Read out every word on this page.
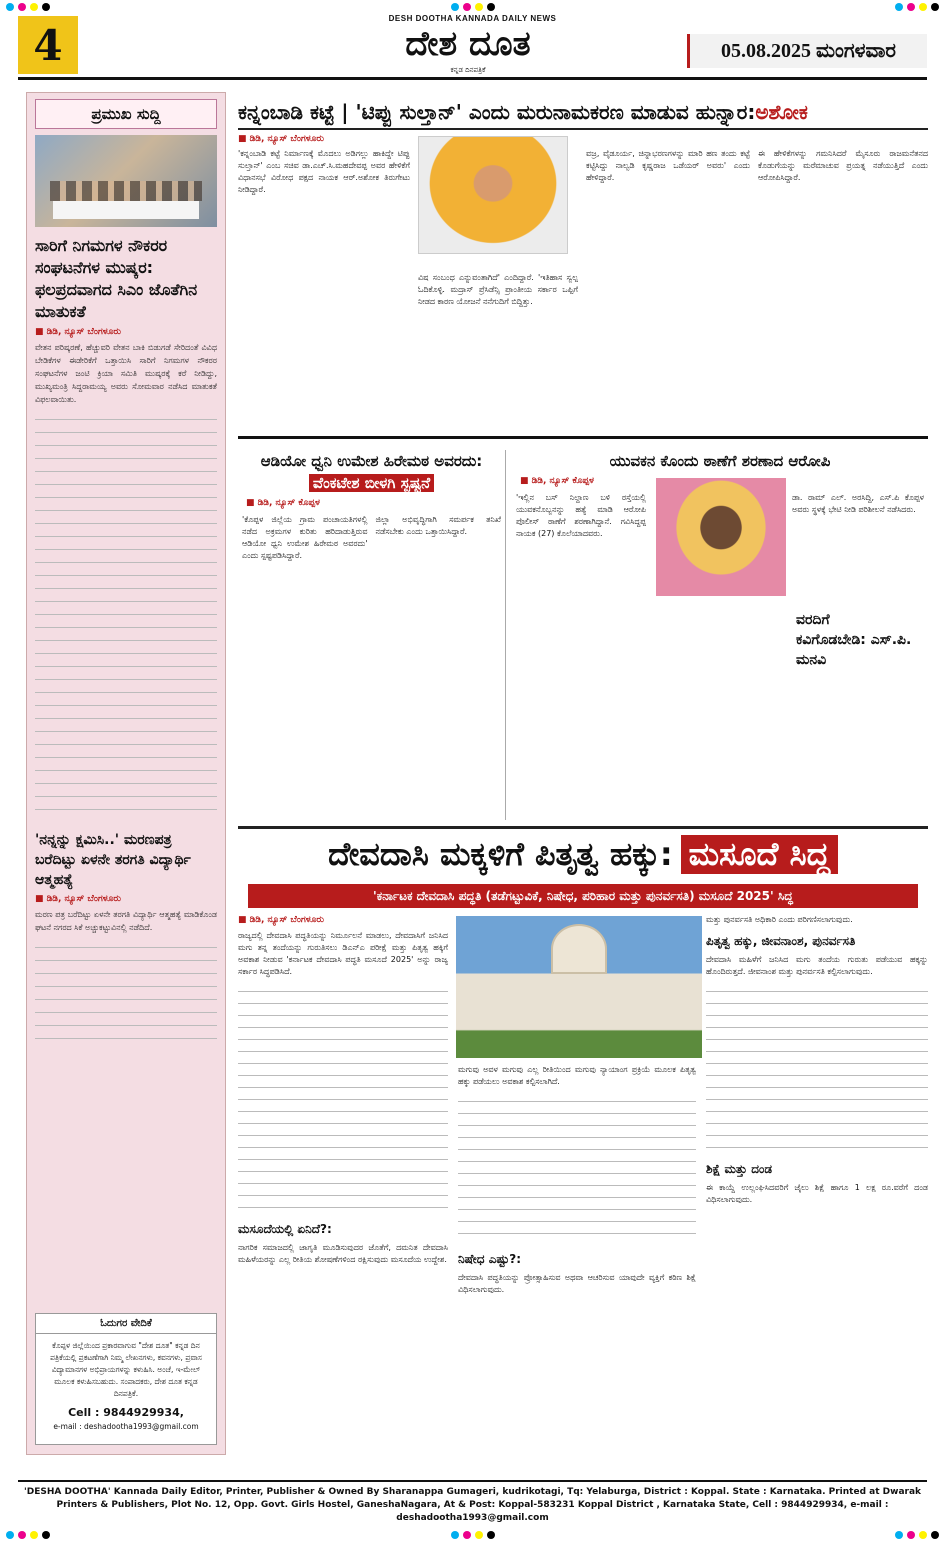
4
DESH DOOTHA KANNADA DAILY NEWS
ದೇಶ ದೂತ
ಕನ್ನಡ ದಿನಪತ್ರಿಕೆ
05.08.2025 ಮಂಗಳವಾರ
ಪ್ರಮುಖ ಸುದ್ದಿ
ಸಾರಿಗೆ ನಿಗಮಗಳ ನೌಕರರ ಸಂಘಟನೆಗಳ ಮುಷ್ಕರ: ಫಲಪ್ರದವಾಗದ ಸಿಎಂ ಜೊತೆಗಿನ ಮಾತುಕತೆ
■ ಡಿಡಿ, ನ್ಯೂಸ್ ಬೆಂಗಳೂರು
ವೇತನ ಪರಿಷ್ಕರಣೆ, ಹೆಚ್ಚುವರಿ ವೇತನ ಬಾಕಿ ಬಿಡುಗಡೆ ಸೇರಿದಂತೆ ವಿವಿಧ ಬೇಡಿಕೆಗಳ ಈಡೇರಿಕೆಗೆ ಒತ್ತಾಯಿಸಿ ಸಾರಿಗೆ ನಿಗಮಗಳ ನೌಕರರ ಸಂಘಟನೆಗಳ ಜಂಟಿ ಕ್ರಿಯಾ ಸಮಿತಿ ಮುಷ್ಕರಕ್ಕೆ ಕರೆ ನೀಡಿದ್ದು, ಮುಖ್ಯಮಂತ್ರಿ ಸಿದ್ದರಾಮಯ್ಯ ಅವರು ಸೋಮವಾರ ನಡೆಸಿದ ಮಾತುಕತೆ ವಿಫಲವಾಯಿತು.
'ನನ್ನನ್ನು ಕ್ಷಮಿಸಿ..' ಮರಣಪತ್ರ ಬರೆದಿಟ್ಟು ಏಳನೇ ತರಗತಿ ವಿದ್ಯಾರ್ಥಿ ಆತ್ಮಹತ್ಯೆ
■ ಡಿಡಿ, ನ್ಯೂಸ್ ಬೆಂಗಳೂರು
ಮರಣ ಪತ್ರ ಬರೆದಿಟ್ಟು ಏಳನೇ ತರಗತಿ ವಿದ್ಯಾರ್ಥಿ ಆತ್ಮಹತ್ಯೆ ಮಾಡಿಕೊಂಡ ಘಟನೆ ನಗರದ ಸಿಕೆ ಅಚ್ಚುಕಟ್ಟುವಿನಲ್ಲಿ ನಡೆದಿದೆ.
ಓದುಗರ ವೇದಿಕೆ
ಕೊಪ್ಪಳ ಜಿಲ್ಲೆಯಿಂದ ಪ್ರಕಾರವಾಗುವ "ದೇಶ ದೂತ" ಕನ್ನಡ ದಿನ ಪತ್ರಿಕೆಯಲ್ಲಿ ಪ್ರಕಟಣೆಗಾಗಿ ನಿಮ್ಮ ಲೇಖನಗಳು, ಕವನಗಳು, ಪ್ರವಾಸ ವಿದ್ಯಾಮಾನಗಳ ಅಭಿಪ್ರಾಯಗಳನ್ನು ಕಳುಹಿಸಿ. ಅಂಚೆ, ಇ-ಮೇಲ್ ಮೂಲಕ ಕಳುಹಿಸಬಹುದು. ಸಂಪಾದಕರು, ದೇಶ ದೂತ ಕನ್ನಡ ದಿನಪತ್ರಿಕೆ.
Cell : 9844929934,
e-mail : deshadootha1993@gmail.com
ಕನ್ನಂಬಾಡಿ ಕಟ್ಟೆ | 'ಟಿಪ್ಪು ಸುಲ್ತಾನ್' ಎಂದು ಮರುನಾಮಕರಣ ಮಾಡುವ ಹುನ್ನಾರ: ಅಶೋಕ
■ ಡಿಡಿ, ನ್ಯೂಸ್ ಬೆಂಗಳೂರು
'ಕನ್ನಂಬಾಡಿ ಕಟ್ಟೆ ನಿರ್ಮಾಣಕ್ಕೆ ಮೊದಲು ಅಡಿಗಲ್ಲು ಹಾಕಿದ್ದೇ ಟಿಪ್ಪು ಸುಲ್ತಾನ್' ಎಂಬ ಸಚಿವ ಡಾ.ಎಚ್.ಸಿ.ಮಹದೇವಪ್ಪ ಅವರ ಹೇಳಿಕೆಗೆ ವಿಧಾನಸಭೆ ವಿರೋಧ ಪಕ್ಷದ ನಾಯಕ ಆರ್.ಅಶೋಕ ತಿರುಗೇಟು ನೀಡಿದ್ದಾರೆ.
ವಿಷ ಸಂಬಂಧ ಎನ್ನುವಂತಾಗಿದೆ' ಎಂದಿದ್ದಾರೆ. 'ಇತಿಹಾಸ ಸ್ವಲ್ಪ ಓದಿಕೊಳ್ಳಿ. ಮದ್ರಾಸ್ ಪ್ರೆಸಿಡೆನ್ಸಿ ಪ್ರಾಂತೀಯ ಸರ್ಕಾರ ಒಪ್ಪಿಗೆ ನೀಡದ ಕಾರಣ ಯೋಜನೆ ನನೆಗುದಿಗೆ ಬಿದ್ದಿತ್ತು.
ವಜ್ರ, ವೈಡೂರ್ಯ, ಚಿನ್ನಾಭರಣಗಳನ್ನು ಮಾರಿ ಹಣ ತಂದು ಕಟ್ಟೆ ಕಟ್ಟಿಸಿದ್ದು ನಾಲ್ವಡಿ ಕೃಷ್ಣರಾಜ ಒಡೆಯರ್ ಅವರು' ಎಂದು ಹೇಳಿದ್ದಾರೆ.
ಈ ಹೇಳಿಕೆಗಳನ್ನು ಗಮನಿಸಿದರೆ ಮೈಸೂರು ರಾಜಮನೆತನದ ಕೊಡುಗೆಯನ್ನು ಮರೆಮಾಚುವ ಪ್ರಯತ್ನ ನಡೆಯುತ್ತಿದೆ ಎಂದು ಆರೋಪಿಸಿದ್ದಾರೆ.
ಆಡಿಯೋ ಧ್ವನಿ ಉಮೇಶ ಹಿರೇಮಠ ಅವರದು: ವೆಂಕಟೇಶ ಬೀಳಗಿ ಸ್ಪಷ್ಟನೆ
■ ಡಿಡಿ, ನ್ಯೂಸ್ ಕೊಪ್ಪಳ
'ಕೊಪ್ಪಳ ಜಿಲ್ಲೆಯ ಗ್ರಾಮ ಪಂಚಾಯತಿಗಳಲ್ಲಿ ನಡೆದ ಅಕ್ರಮಗಳ ಕುರಿತು ಹರಿದಾಡುತ್ತಿರುವ ಆಡಿಯೋ ಧ್ವನಿ ಉಮೇಶ ಹಿರೇಮಠ ಅವರದು' ಎಂದು ಸ್ಪಷ್ಟಪಡಿಸಿದ್ದಾರೆ.
ಜಿಲ್ಲಾ ಅಭಿವೃದ್ಧಿಗಾಗಿ ಸಮರ್ಪಕ ತನಿಖೆ ನಡೆಸಬೇಕು ಎಂದು ಒತ್ತಾಯಿಸಿದ್ದಾರೆ.
ಯುವಕನ ಕೊಂದು ಠಾಣೆಗೆ ಶರಣಾದ ಆರೋಪಿ
■ ಡಿಡಿ, ನ್ಯೂಸ್ ಕೊಪ್ಪಳ
'ಇಲ್ಲಿನ ಬಸ್ ನಿಲ್ದಾಣ ಬಳಿ ರಸ್ತೆಯಲ್ಲಿ ಯುವಕನೊಬ್ಬನನ್ನು ಹತ್ಯೆ ಮಾಡಿ ಆರೋಪಿ ಪೊಲೀಸ್ ಠಾಣೆಗೆ ಶರಣಾಗಿದ್ದಾನೆ. ಗವಿಸಿದ್ದಪ್ಪ ನಾಯಕ (27) ಕೊಲೆಯಾದವರು.
ಡಾ. ರಾಮ್ ಎಲ್. ಅರಸಿದ್ದಿ, ಎಸ್.ಪಿ ಕೊಪ್ಪಳ ಅವರು ಸ್ಥಳಕ್ಕೆ ಭೇಟಿ ನೀಡಿ ಪರಿಶೀಲನೆ ನಡೆಸಿದರು.
ವರದಿಗೆ
ಕವಿಗೊಡಬೇಡಿ: ಎಸ್.ಪಿ. ಮನವಿ
ದೇವದಾಸಿ ಮಕ್ಕಳಿಗೆ ಪಿತೃತ್ವ ಹಕ್ಕು: ಮಸೂದೆ ಸಿದ್ಧ
'ಕರ್ನಾಟಕ ದೇವದಾಸಿ ಪದ್ಧತಿ (ತಡೆಗಟ್ಟುವಿಕೆ, ನಿಷೇಧ, ಪರಿಹಾರ ಮತ್ತು ಪುನರ್ವಸತಿ) ಮಸೂದೆ 2025' ಸಿದ್ಧ
■ ಡಿಡಿ, ನ್ಯೂಸ್ ಬೆಂಗಳೂರು
ರಾಜ್ಯದಲ್ಲಿ ದೇವದಾಸಿ ಪದ್ಧತಿಯನ್ನು ನಿರ್ಮೂಲನೆ ಮಾಡಲು, ದೇವದಾಸಿಗೆ ಜನಿಸಿದ ಮಗು ತನ್ನ ತಂದೆಯನ್ನು ಗುರುತಿಸಲು ಡಿಎನ್‌ಎ ಪರೀಕ್ಷೆ ಮತ್ತು ಪಿತೃತ್ವ ಹಕ್ಕಿಗೆ ಅವಕಾಶ ನೀಡುವ 'ಕರ್ನಾಟಕ ದೇವದಾಸಿ ಪದ್ಧತಿ ಮಸೂದೆ 2025' ಅನ್ನು ರಾಜ್ಯ ಸರ್ಕಾರ ಸಿದ್ಧಪಡಿಸಿದೆ.
ಮಸೂದೆಯಲ್ಲಿ ಏನಿದೆ?:
ನಾಗರಿಕ ಸಮಾಜದಲ್ಲಿ ಜಾಗೃತಿ ಮೂಡಿಸುವುದರ ಜೊತೆಗೆ, ದಮನಿತ ದೇವದಾಸಿ ಮಹಿಳೆಯರನ್ನು ಎಲ್ಲ ರೀತಿಯ ಶೋಷಣೆಗಳಿಂದ ರಕ್ಷಿಸುವುದು ಮಸೂದೆಯ ಉದ್ದೇಶ.
ಮಗುವು ಅವಳ ಮಗುವು ಎಲ್ಲ ರೀತಿಯಿಂದ ಮಗುವು ನ್ಯಾಯಾಂಗ ಪ್ರಕ್ರಿಯೆ ಮೂಲಕ ಪಿತೃತ್ವ ಹಕ್ಕು ಪಡೆಯಲು ಅವಕಾಶ ಕಲ್ಪಿಸಲಾಗಿದೆ.
ನಿಷೇಧ ಎಷ್ಟು?:
ದೇವದಾಸಿ ಪದ್ಧತಿಯನ್ನು ಪ್ರೋತ್ಸಾಹಿಸುವ ಅಥವಾ ಆಚರಿಸುವ ಯಾವುದೇ ವ್ಯಕ್ತಿಗೆ ಕಠಿಣ ಶಿಕ್ಷೆ ವಿಧಿಸಲಾಗುವುದು.
ಮತ್ತು ಪುನರ್ವಸತಿ ಅಧಿಕಾರಿ ಎಂದು ಪರಿಗಣಿಸಲಾಗುವುದು.
ಪಿತೃತ್ವ ಹಕ್ಕು, ಜೀವನಾಂಶ, ಪುನರ್ವಸತಿ
ದೇವದಾಸಿ ಮಹಿಳೆಗೆ ಜನಿಸಿದ ಮಗು ತಂದೆಯ ಗುರುತು ಪಡೆಯುವ ಹಕ್ಕನ್ನು ಹೊಂದಿರುತ್ತದೆ. ಜೀವನಾಂಶ ಮತ್ತು ಪುನರ್ವಸತಿ ಕಲ್ಪಿಸಲಾಗುವುದು.
ಶಿಕ್ಷೆ ಮತ್ತು ದಂಡ
ಈ ಕಾಯ್ದೆ ಉಲ್ಲಂಘಿಸಿದವರಿಗೆ ಜೈಲು ಶಿಕ್ಷೆ ಹಾಗೂ 1 ಲಕ್ಷ ರೂ.ವರೆಗೆ ದಂಡ ವಿಧಿಸಲಾಗುವುದು.
'DESHA DOOTHA' Kannada Daily Editor, Printer, Publisher & Owned By Sharanappa Gumageri, kudrikotagi, Tq: Yelaburga, District : Koppal. State : Karnataka. Printed at Dwarak Printers & Publishers, Plot No. 12, Opp. Govt. Girls Hostel, GaneshaNagara, At & Post: Koppal-583231 Koppal District , Karnataka State, Cell : 9844929934, e-mail : deshadootha1993@gmail.com
